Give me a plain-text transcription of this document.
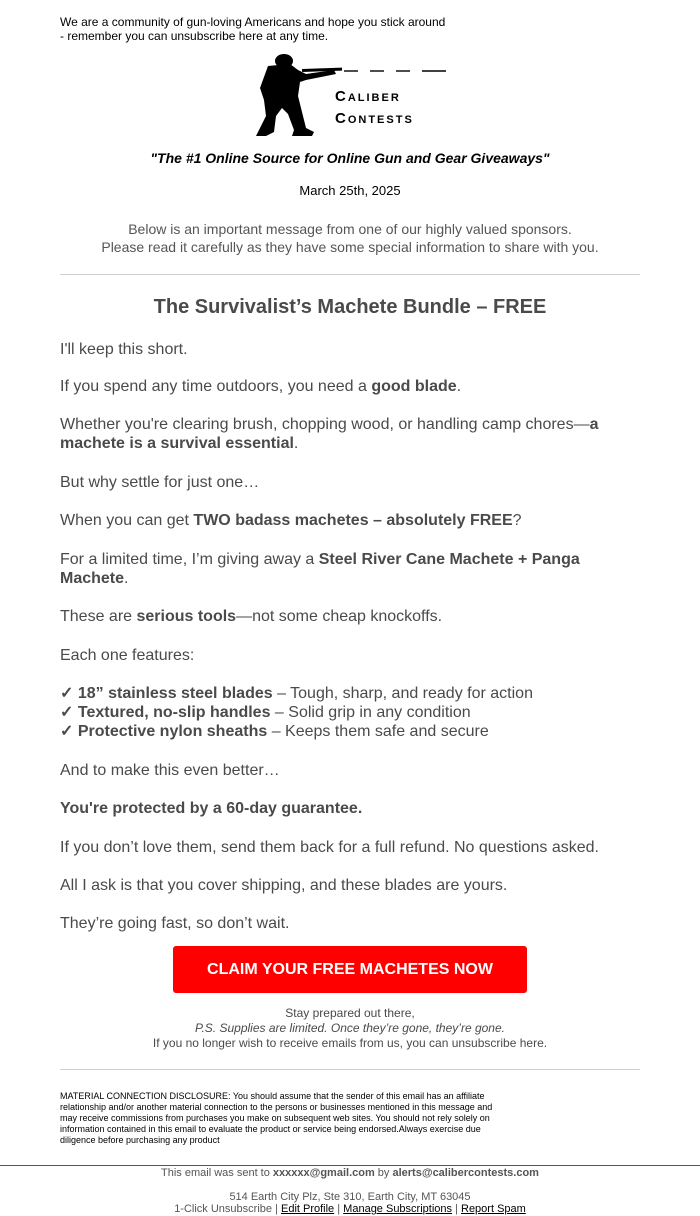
We are a community of gun-loving Americans and hope you stick around
- remember you can unsubscribe here at any time.
Caliber
Contests
"The #1 Online Source for Online Gun and Gear Giveaways"
March 25th, 2025
Below is an important message from one of our highly valued sponsors.
Please read it carefully as they have some special information to share with you.
The Survivalist’s Machete Bundle – FREE
I'll keep this short.
If you spend any time outdoors, you need a good blade.
Whether you're clearing brush, chopping wood, or handling camp chores—a machete is a survival essential.
But why settle for just one…
When you can get TWO badass machetes – absolutely FREE?
For a limited time, I’m giving away a Steel River Cane Machete + Panga Machete.
These are serious tools—not some cheap knockoffs.
Each one features:
✓ 18” stainless steel blades – Tough, sharp, and ready for action
✓ Textured, no-slip handles – Solid grip in any condition
✓ Protective nylon sheaths – Keeps them safe and secure
And to make this even better…
You're protected by a 60-day guarantee.
If you don’t love them, send them back for a full refund. No questions asked.
All I ask is that you cover shipping, and these blades are yours.
They’re going fast, so don’t wait.
CLAIM YOUR FREE MACHETES NOW
Stay prepared out there,
P.S. Supplies are limited. Once they’re gone, they’re gone.
If you no longer wish to receive emails from us, you can unsubscribe here.
MATERIAL CONNECTION DISCLOSURE: You should assume that the sender of this email has an affiliate relationship and/or another material connection to the persons or businesses mentioned in this message and may receive commissions from purchases you make on subsequent web sites. You should not rely solely on information contained in this email to evaluate the product or service being endorsed.Always exercise due diligence before purchasing any product
This email was sent to xxxxxx@gmail.com by alerts@calibercontests.com
514 Earth City Plz, Ste 310, Earth City, MT 63045
1-Click Unsubscribe | Edit Profile | Manage Subscriptions | Report Spam
